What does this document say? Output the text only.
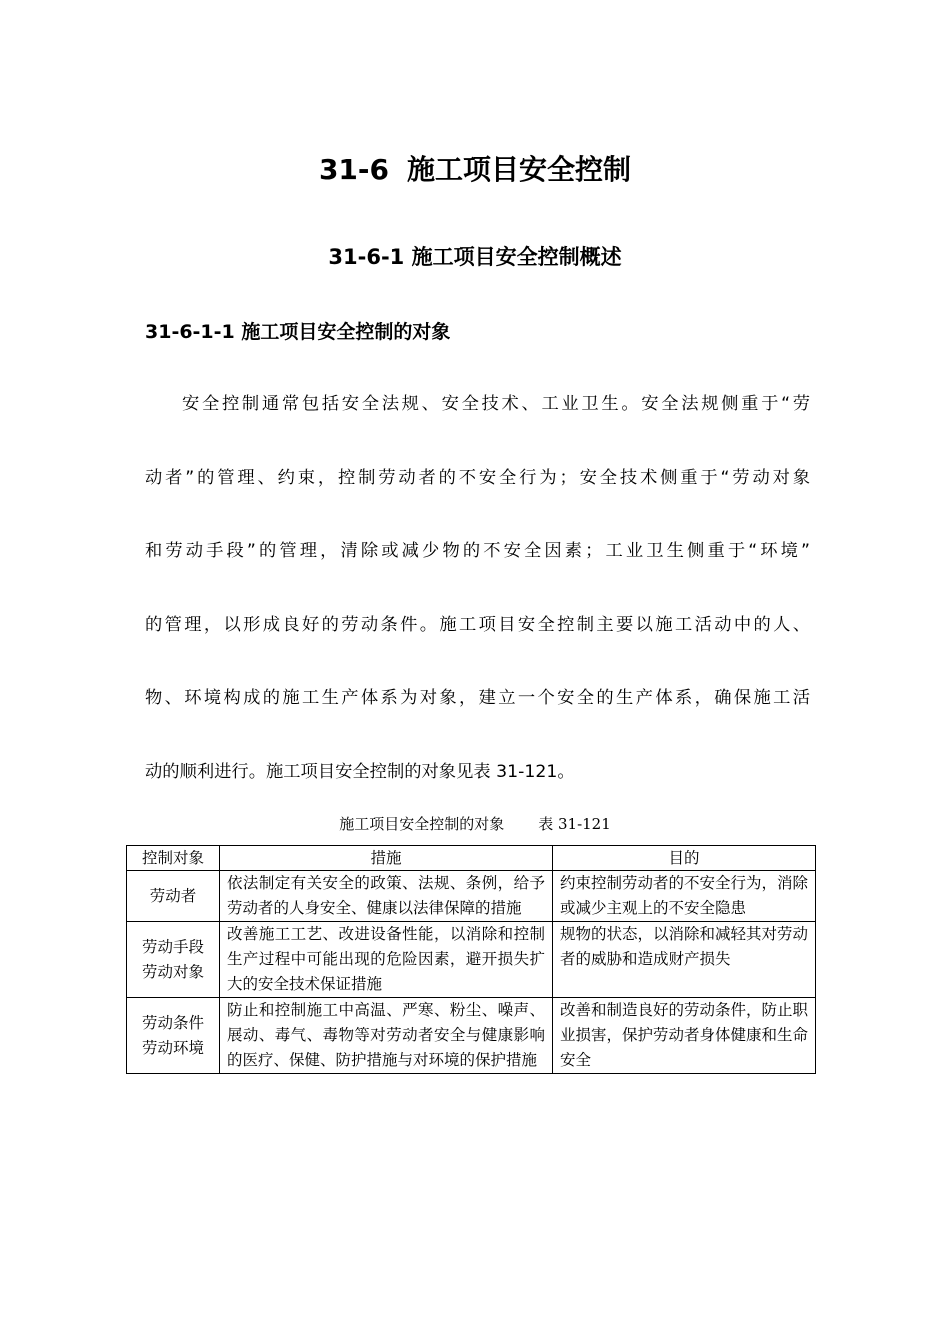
31-6 施工项目安全控制
31-6-1 施工项目安全控制概述
31-6-1-1 施工项目安全控制的对象
安全控制通常包括安全法规、安全技术、工业卫生。安全法规侧重于“劳
动者”的管理、约束，控制劳动者的不安全行为；安全技术侧重于“劳动对象
和劳动手段”的管理，清除或减少物的不安全因素；工业卫生侧重于“环境”
的管理，以形成良好的劳动条件。施工项目安全控制主要以施工活动中的人、
物、环境构成的施工生产体系为对象，建立一个安全的生产体系，确保施工活
动的顺利进行。施工项目安全控制的对象见表 31-121。

施工项目安全控制的对象 表 31-121

控制对象	措施	目的

劳动者	依法制定有关安全的政策、法规、条例，给予劳动者的人身安全、健康以法律保障的措施	约束控制劳动者的不安全行为，消除或减少主观上的不安全隐患

劳动手段
劳动对象	改善施工工艺、改进设备性能，以消除和控制生产过程中可能出现的危险因素，避开损失扩大的安全技术保证措施	规物的状态，以消除和减轻其对劳动者的威胁和造成财产损失

劳动条件
劳动环境	防止和控制施工中高温、严寒、粉尘、噪声、展动、毒气、毒物等对劳动者安全与健康影响的医疗、保健、防护措施与对环境的保护措施	改善和制造良好的劳动条件，防止职业损害，保护劳动者身体健康和生命安全
